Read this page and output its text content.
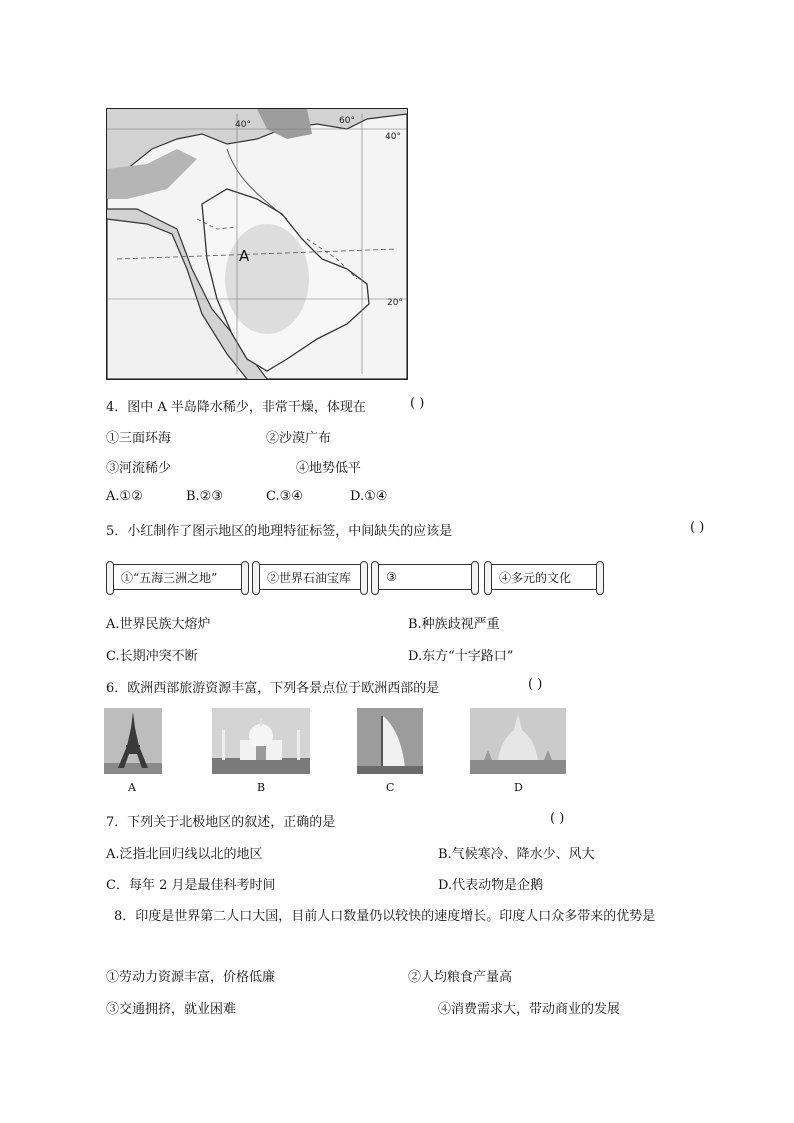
40°	60°
40°
20°
A
4．图中 A 半岛降水稀少，非常干燥，体现在	( )
①三面环海	②沙漠广布
③河流稀少	④地势低平
A.①②	B.②③	C.③④	D.①④
5．小红制作了图示地区的地理特征标签，中间缺失的应该是	( )
①“五海三洲之地”	②世界石油宝库	③	④多元的文化
A.世界民族大熔炉	B.种族歧视严重
C.长期冲突不断	D.东方“十字路口”
6．欧洲西部旅游资源丰富，下列各景点位于欧洲西部的是	( )
A	B	C	D
7．下列关于北极地区的叙述，正确的是	( )
A.泛指北回归线以北的地区	B.气候寒冷、降水少、风大
C．每年 2 月是最佳科考时间	D.代表动物是企鹅
8．印度是世界第二人口大国，目前人口数量仍以较快的速度增长。印度人口众多带来的优势是
①劳动力资源丰富，价格低廉	②人均粮食产量高
③交通拥挤，就业困难	④消费需求大，带动商业的发展
